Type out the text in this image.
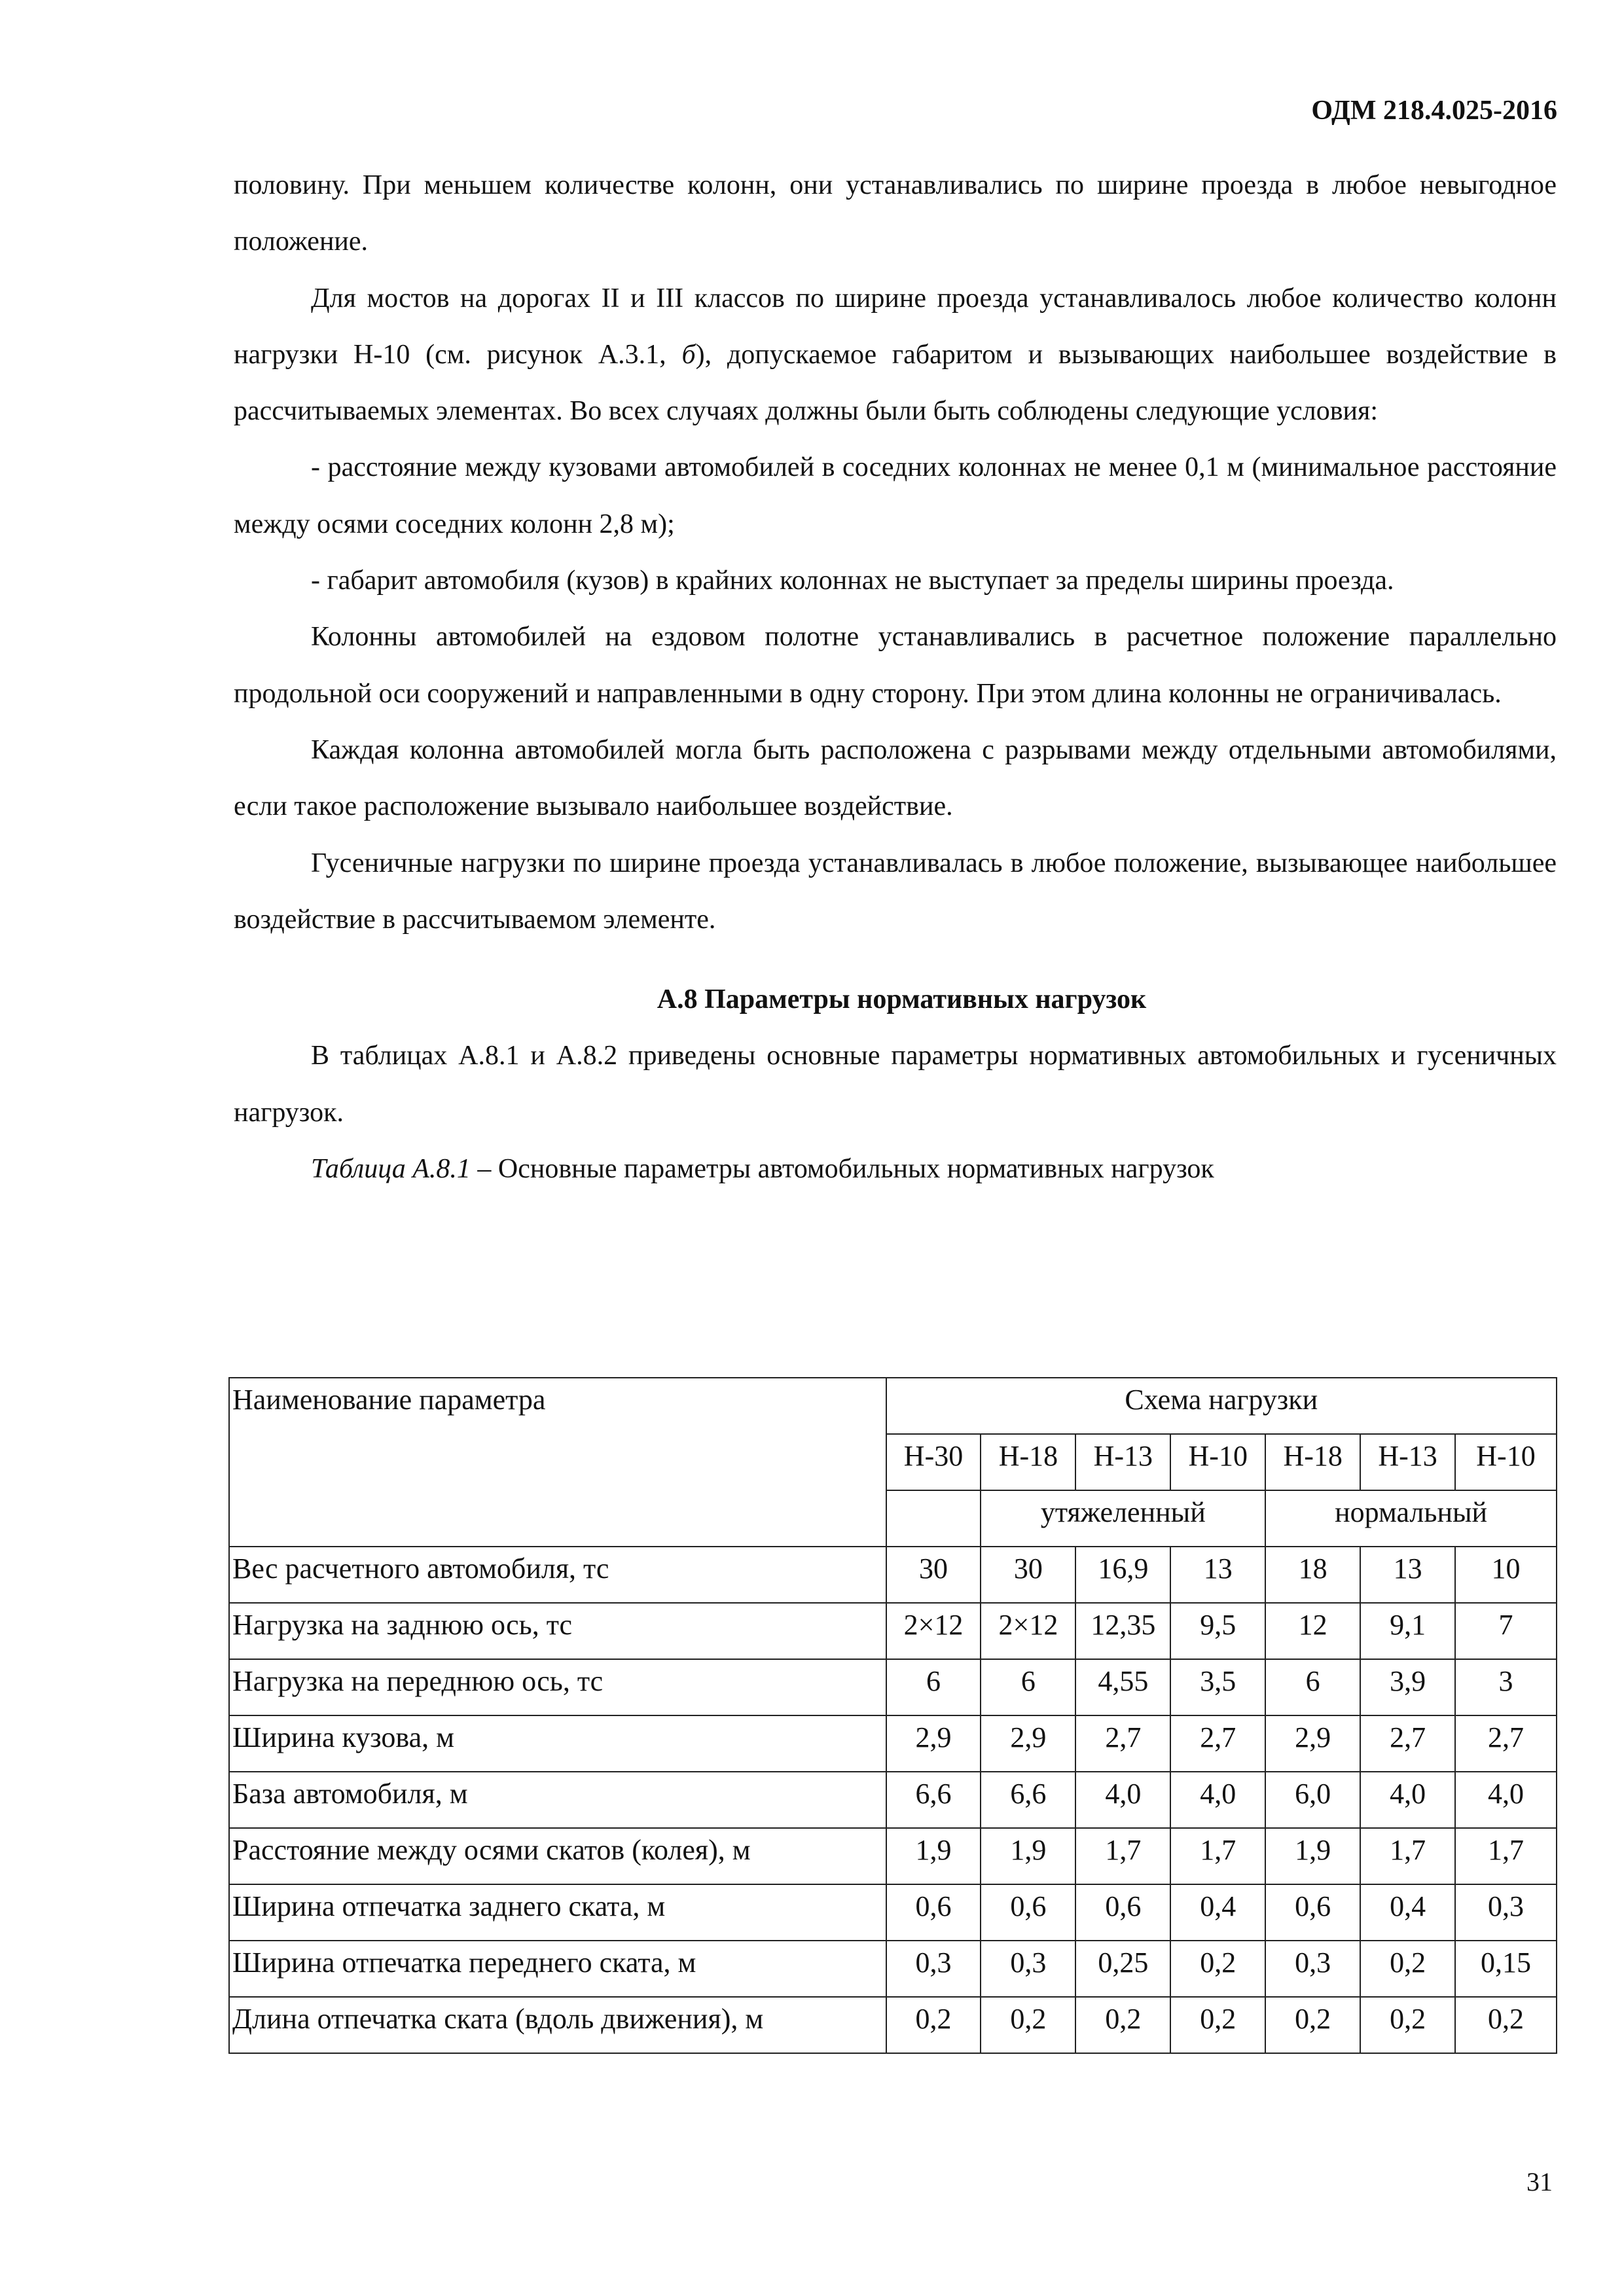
ОДМ 218.4.025-2016

половину. При меньшем количестве колонн, они устанавливались по ширине проезда в любое невыгодное положение.

Для мостов на дорогах II и III классов по ширине проезда устанавливалось любое количество колонн нагрузки Н-10 (см. рисунок А.3.1, б), допускаемое габаритом и вызывающих наибольшее воздействие в рассчитываемых элементах. Во всех случаях должны были быть соблюдены следующие условия:

- расстояние между кузовами автомобилей в соседних колоннах не менее 0,1 м (минимальное расстояние между осями соседних колонн 2,8 м);

- габарит автомобиля (кузов) в крайних колоннах не выступает за пределы ширины проезда.

Колонны автомобилей на ездовом полотне устанавливались в расчетное положение параллельно продольной оси сооружений и направленными в одну сторону. При этом длина колонны не ограничивалась.

Каждая колонна автомобилей могла быть расположена с разрывами между отдельными автомобилями, если такое расположение вызывало наибольшее воздействие.

Гусеничные нагрузки по ширине проезда устанавливалась в любое положение, вызывающее наибольшее воздействие в рассчитываемом элементе.

А.8 Параметры нормативных нагрузок

В таблицах А.8.1 и А.8.2 приведены основные параметры нормативных автомобильных и гусеничных нагрузок.

Таблица А.8.1 – Основные параметры автомобильных нормативных нагрузок

Наименование параметра	Схема нагрузки						
	Н-30	Н-18	Н-13	Н-10	Н-18	Н-13	Н-10
		утяжеленный			нормальный		
Вес расчетного автомобиля, тс	30	30	16,9	13	18	13	10
Нагрузка на заднюю ось, тс	2×12	2×12	12,35	9,5	12	9,1	7
Нагрузка на переднюю ось, тс	6	6	4,55	3,5	6	3,9	3
Ширина кузова, м	2,9	2,9	2,7	2,7	2,9	2,7	2,7
База автомобиля, м	6,6	6,6	4,0	4,0	6,0	4,0	4,0
Расстояние между осями скатов (колея), м	1,9	1,9	1,7	1,7	1,9	1,7	1,7
Ширина отпечатка заднего ската, м	0,6	0,6	0,6	0,4	0,6	0,4	0,3
Ширина отпечатка переднего ската, м	0,3	0,3	0,25	0,2	0,3	0,2	0,15
Длина отпечатка ската (вдоль движения), м	0,2	0,2	0,2	0,2	0,2	0,2	0,2
31
